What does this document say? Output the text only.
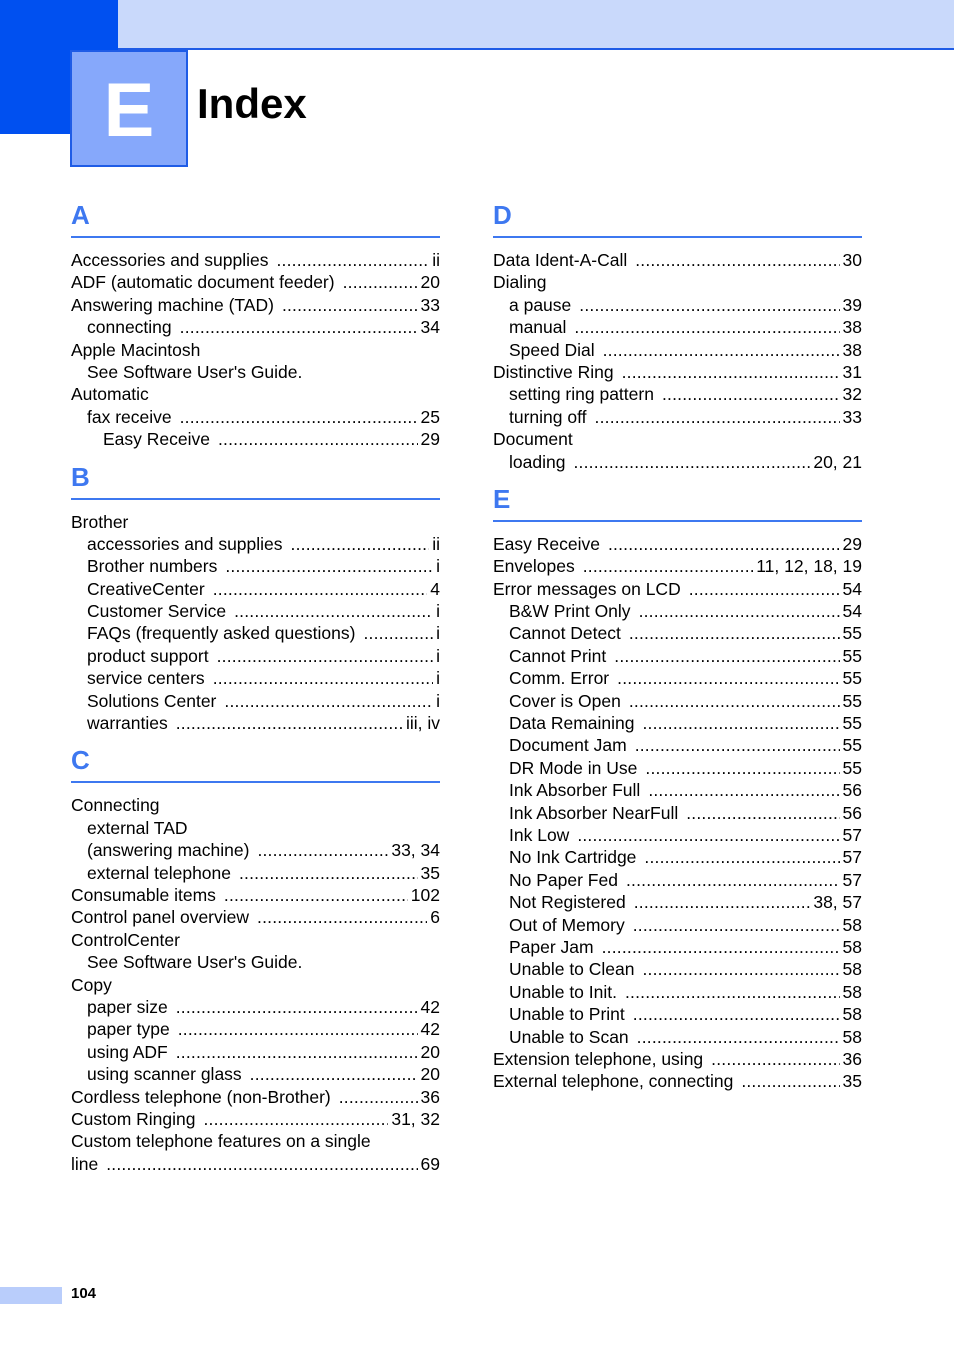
E	Index
A
Accessories and supplies .....	ii
ADF (automatic document feeder) .....	20
Answering machine (TAD) .....	33
connecting .....	34
Apple Macintosh
See Software User's Guide.
Automatic
fax receive .....	25
Easy Receive .....	29
B
Brother
accessories and supplies .....	ii
Brother numbers .....	i
CreativeCenter .....	4
Customer Service .....	i
FAQs (frequently asked questions) .....	i
product support .....	i
service centers .....	i
Solutions Center .....	i
warranties .....	iii, iv
C
Connecting
external TAD
(answering machine) .....	33, 34
external telephone .....	35
Consumable items .....	102
Control panel overview .....	6
ControlCenter
See Software User's Guide.
Copy
paper size .....	42
paper type .....	42
using ADF .....	20
using scanner glass .....	20
Cordless telephone (non-Brother) .....	36
Custom Ringing .....	31, 32
Custom telephone features on a single
line .....	69
D
Data Ident-A-Call .....	30
Dialing
a pause .....	39
manual .....	38
Speed Dial .....	38
Distinctive Ring .....	31
setting ring pattern .....	32
turning off .....	33
Document
loading .....	20, 21
E
Easy Receive .....	29
Envelopes .....	11, 12, 18, 19
Error messages on LCD .....	54
B&W Print Only .....	54
Cannot Detect .....	55
Cannot Print .....	55
Comm. Error .....	55
Cover is Open .....	55
Data Remaining .....	55
Document Jam .....	55
DR Mode in Use .....	55
Ink Absorber Full .....	56
Ink Absorber NearFull .....	56
Ink Low .....	57
No Ink Cartridge .....	57
No Paper Fed .....	57
Not Registered .....	38, 57
Out of Memory .....	58
Paper Jam .....	58
Unable to Clean .....	58
Unable to Init. .....	58
Unable to Print .....	58
Unable to Scan .....	58
Extension telephone, using .....	36
External telephone, connecting .....	35
104
